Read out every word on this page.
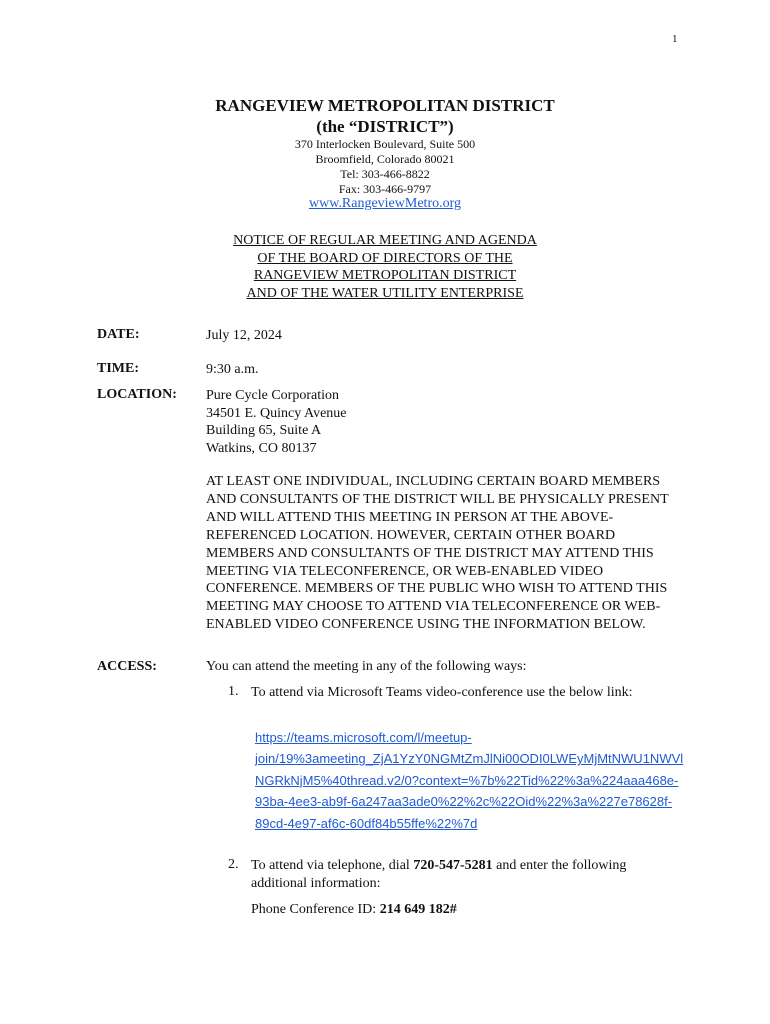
1
RANGEVIEW METROPOLITAN DISTRICT
(the “DISTRICT”)
370 Interlocken Boulevard, Suite 500
Broomfield, Colorado 80021
Tel: 303-466-8822
Fax: 303-466-9797
www.RangeviewMetro.org
NOTICE OF REGULAR MEETING AND AGENDA
OF THE BOARD OF DIRECTORS OF THE
RANGEVIEW METROPOLITAN DISTRICT
AND OF THE WATER UTILITY ENTERPRISE
DATE:	July 12, 2024
TIME:	9:30 a.m.
LOCATION: Pure Cycle Corporation
34501 E. Quincy Avenue
Building 65, Suite A
Watkins, CO 80137
AT LEAST ONE INDIVIDUAL, INCLUDING CERTAIN BOARD MEMBERS
AND CONSULTANTS OF THE DISTRICT WILL BE PHYSICALLY PRESENT
AND WILL ATTEND THIS MEETING IN PERSON AT THE ABOVE-
REFERENCED LOCATION. HOWEVER, CERTAIN OTHER BOARD
MEMBERS AND CONSULTANTS OF THE DISTRICT MAY ATTEND THIS
MEETING VIA TELECONFERENCE, OR WEB-ENABLED VIDEO
CONFERENCE. MEMBERS OF THE PUBLIC WHO WISH TO ATTEND THIS
MEETING MAY CHOOSE TO ATTEND VIA TELECONFERENCE OR WEB-
ENABLED VIDEO CONFERENCE USING THE INFORMATION BELOW.
ACCESS:	You can attend the meeting in any of the following ways:
1. To attend via Microsoft Teams video-conference use the below link:
https://teams.microsoft.com/l/meetup-
join/19%3ameeting_ZjA1YzY0NGMtZmJlNi00ODI0LWEyMjMtNWU1NWVl
NGRkNjM5%40thread.v2/0?context=%7b%22Tid%22%3a%224aaa468e-
93ba-4ee3-ab9f-6a247aa3ade0%22%2c%22Oid%22%3a%227e78628f-
89cd-4e97-af6c-60df84b55ffe%22%7d
2. To attend via telephone, dial 720-547-5281 and enter the following
additional information:
Phone Conference ID: 214 649 182#
